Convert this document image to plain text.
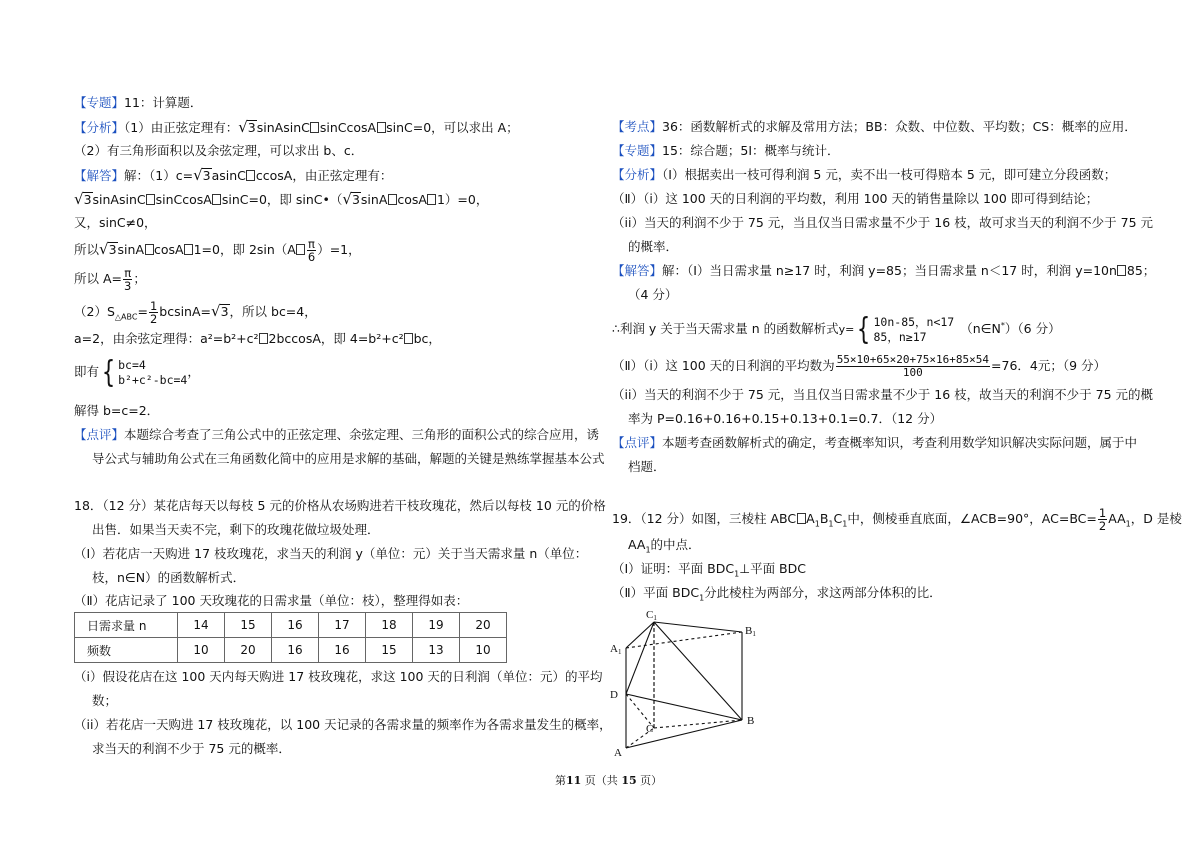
【专题】11：计算题．
【分析】（1）由正弦定理有：√3sinAsinC sinCcosA sinC=0，可以求出 A；
（2）有三角形面积以及余弦定理，可以求出 b、c．
【解答】解：（1）c=√3asinC ccosA，由正弦定理有：
√3sinAsinC sinCcosA sinC=0，即 sinC•（√3sinA cosA 1）=0，
又，sinC≠0，
所以√3sinA cosA 1=0，即 $2\sin(A \frac{\pi}{6} )=1$，
所以 $A= \frac{\pi}{3}$ ；
$(2)S_{\triangle ABC}= \frac{1}{2} bcsinA=√3$，所以 bc=4，
a=2，由余弦定理得：a²=b²+c² 2bccosA，即 4=b²+c² bc，
即有{ bc=4
b²+c²-bc=4
，
解得 b=c=2．
【点评】本题综合考查了三角公式中的正弦定理、余弦定理、三角形的面积公式的综合应用，诱
导公式与辅助角公式在三角函数化简中的应用是求解的基础，解题的关键是熟练掌握基本公式
18．（12 分）某花店每天以每枝 5 元的价格从农场购进若干枝玫瑰花，然后以每枝 10 元的价格
出售．如果当天卖不完，剩下的玫瑰花做垃圾处理．
（Ⅰ）若花店一天购进 17 枝玫瑰花，求当天的利润 y（单位：元）关于当天需求量 n（单位：
枝，n∈N）的函数解析式．
（Ⅱ）花店记录了 100 天玫瑰花的日需求量（单位：枝），整理得如表：
日需求量 n	14	15	16	17	18	19	20
频数	10	20	16	16	15	13	10
（i）假设花店在这 100 天内每天购进 17 枝玫瑰花，求这 100 天的日利润（单位：元）的平均
数；
（ii）若花店一天购进 17 枝玫瑰花，以 100 天记录的各需求量的频率作为各需求量发生的概率，
求当天的利润不少于 75 元的概率．
【考点】36：函数解析式的求解及常用方法；BB：众数、中位数、平均数；CS：概率的应用．
【专题】15：综合题；5I：概率与统计．
【分析】（Ⅰ）根据卖出一枝可得利润 5 元，卖不出一枝可得赔本 5 元，即可建立分段函数；
（Ⅱ）（i）这 100 天的日利润的平均数，利用 100 天的销售量除以 100 即可得到结论；
（ii）当天的利润不少于 75 元，当且仅当日需求量不少于 16 枝，故可求当天的利润不少于 75 元
的概率．
【解答】解：（Ⅰ）当日需求量 n≥17 时，利润 y=85；当日需求量 n＜17 时，利润 y=10n 85；
（4 分）
∴利润 y 关于当天需求量 n 的函数解析式y={ 10n-85，n<17
85，n≥17
（n∈N*）（6 分）
（Ⅱ）（i）这 100 天的日利润的平均数为 $\frac{55\times 10+65\times 20+75\times 16+85\times 54}{100} =76$．4元；（9 分）
（ii）当天的利润不少于 75 元，当且仅当日需求量不少于 16 枝，故当天的利润不少于 75 元的概
率为 P=0.16+0.16+0.15+0.13+0.1=0.7．（12 分）
【点评】本题考查函数解析式的确定，考查概率知识，考查利用数学知识解决实际问题，属于中
档题．
19．（12 分）如图，三棱柱 ABC $A_1B_1C_1$中，侧棱垂直底面，∠ACB=90°，$AC=BC= \frac{1}{2} AA_1$，D 是棱
$AA_1$的中点．
（Ⅰ）证明：平面 $BDC_1\perp$平面 BDC
（Ⅱ）平面 $BDC_1$分此棱柱为两部分，求这两部分体积的比．
C1
B1
A1
D
C
B
A
第11 页（共 15 页）
